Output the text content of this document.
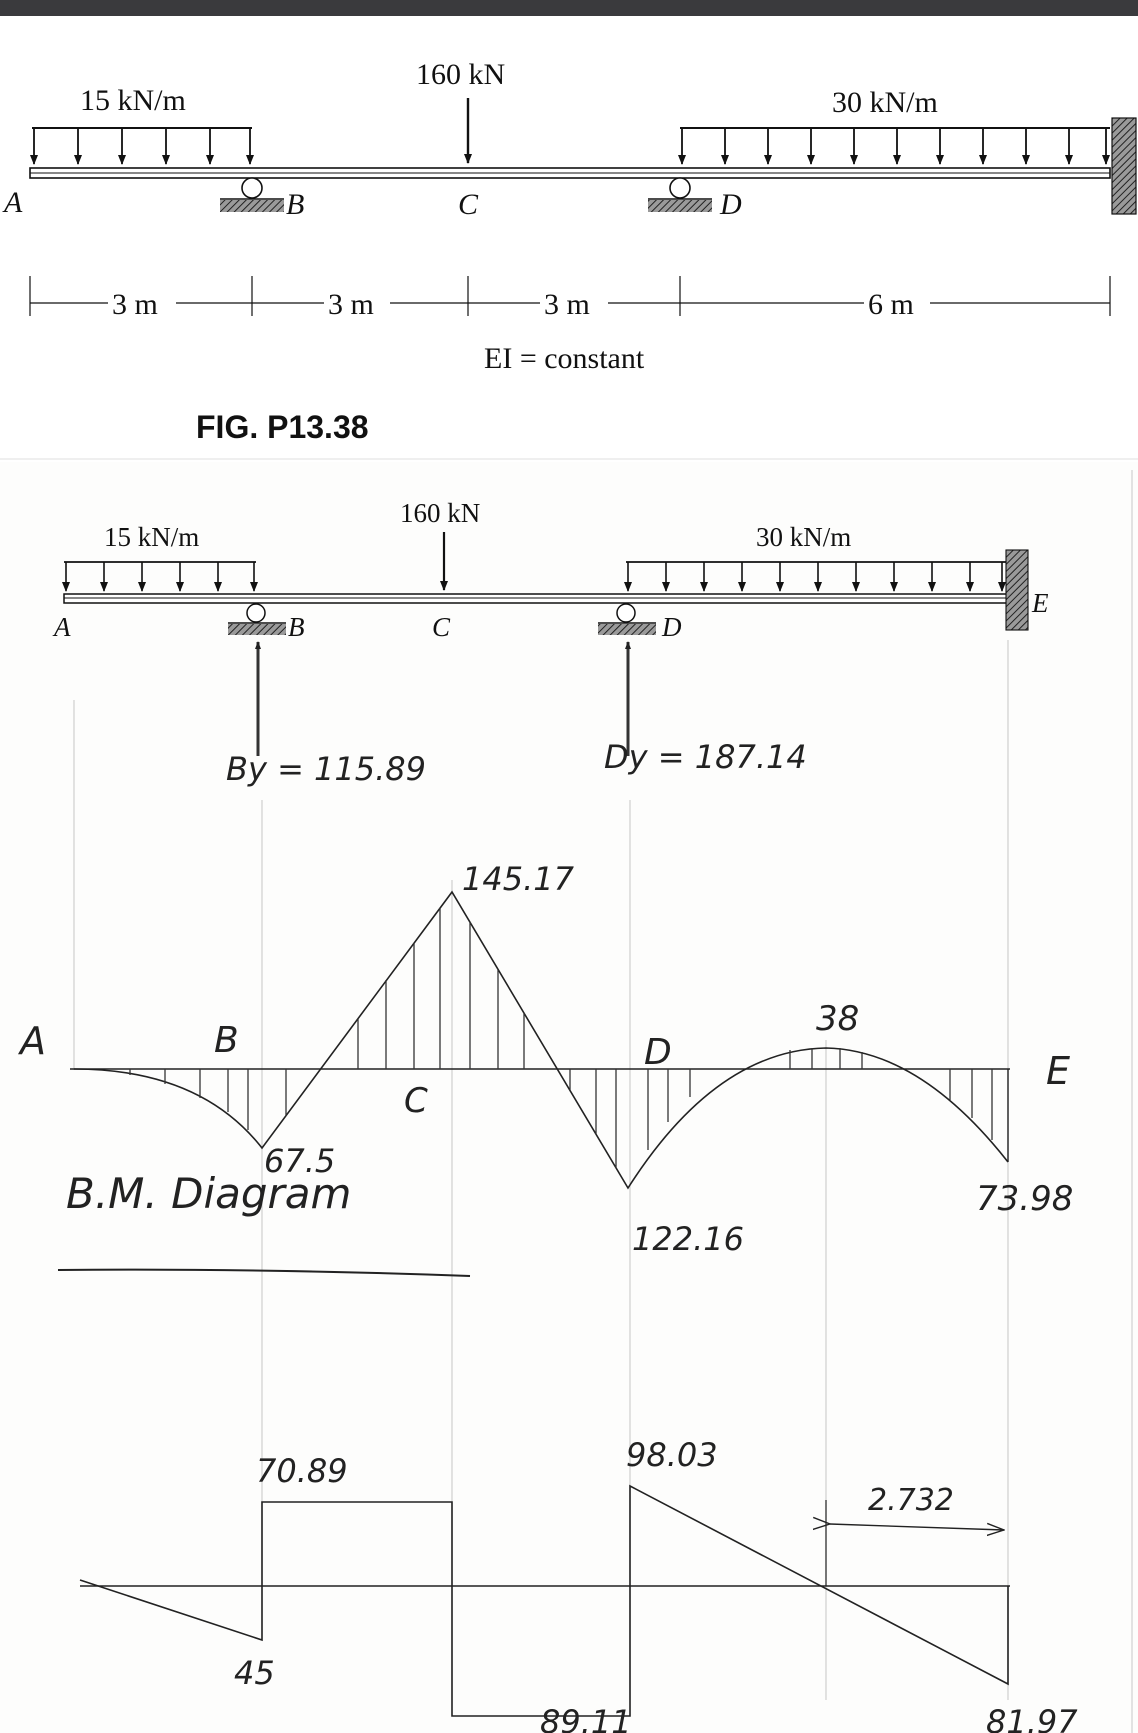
15 kN/m
160 kN
30 kN/m
A	B	C	D
3 m	3 m	3 m	6 m
EI = constant
FIG. P13.38
15 kN/m
160 kN
30 kN/m
A	B	C	D
E
By = 115.89	Dy = 187.14
A	B
C
D	E
67.5
145.17
122.16
38
73.98
B.M. Diagram
45
70.89
89.11
98.03
81.97
2.732
